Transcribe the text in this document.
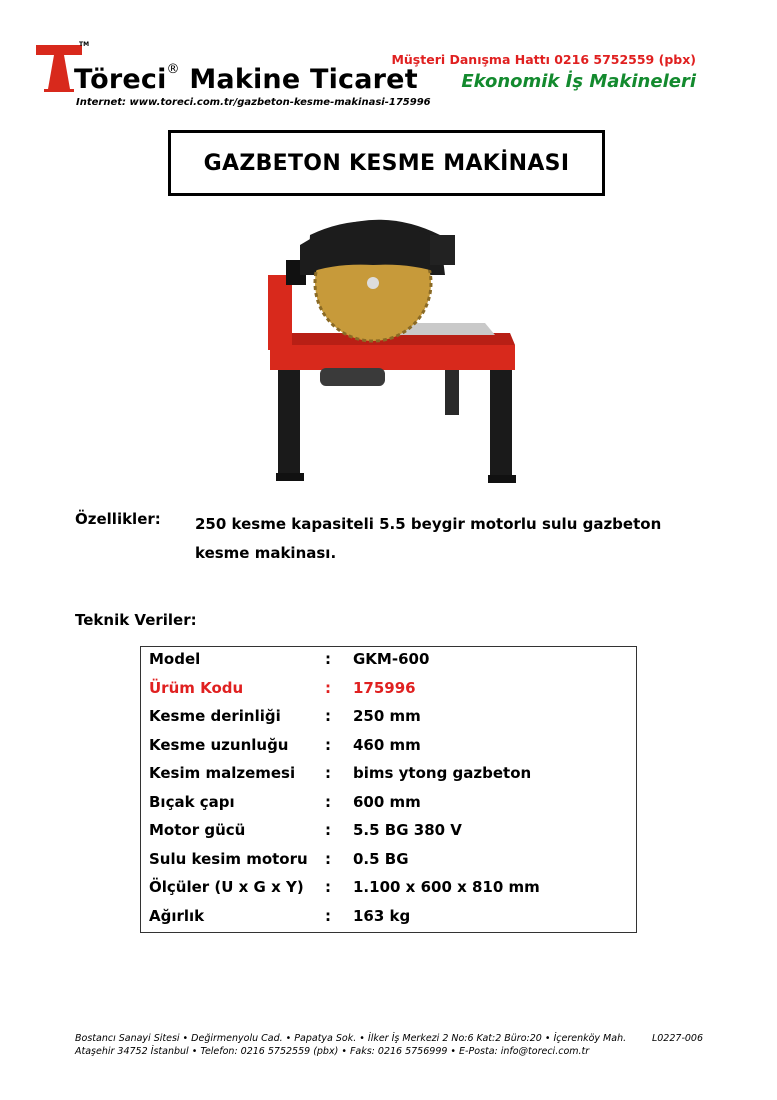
TM
Töreci® Makine Ticaret
Internet: www.toreci.com.tr/gazbeton-kesme-makinasi-175996
Müşteri Danışma Hattı 0216 5752559 (pbx)
Ekonomik İş Makineleri
GAZBETON KESME MAKİNASI
Özellikler: 250 kesme kapasiteli 5.5 beygir motorlu sulu gazbeton kesme makinası.
Teknik Veriler:
Model	: GKM-600
Ürüm Kodu	: 175996
Kesme derinliği	: 250 mm
Kesme uzunluğu : 460 mm
Kesim malzemesi : bims ytong gazbeton
Bıçak çapı	: 600 mm
Motor gücü	: 5.5 BG 380 V
Sulu kesim motoru : 0.5 BG
Ölçüler (U x G x Y) : 1.100 x 600 x 810 mm
Ağırlık	: 163 kg
Bostancı Sanayi Sitesi • Değirmenyolu Cad. • Papatya Sok. • İlker İş Merkezi 2 No:6 Kat:2 Büro:20 • İçerenköy Mah.
Ataşehir 34752 İstanbul • Telefon: 0216 5752559 (pbx) • Faks: 0216 5756999 • E-Posta: info@toreci.com.tr
L0227-006
